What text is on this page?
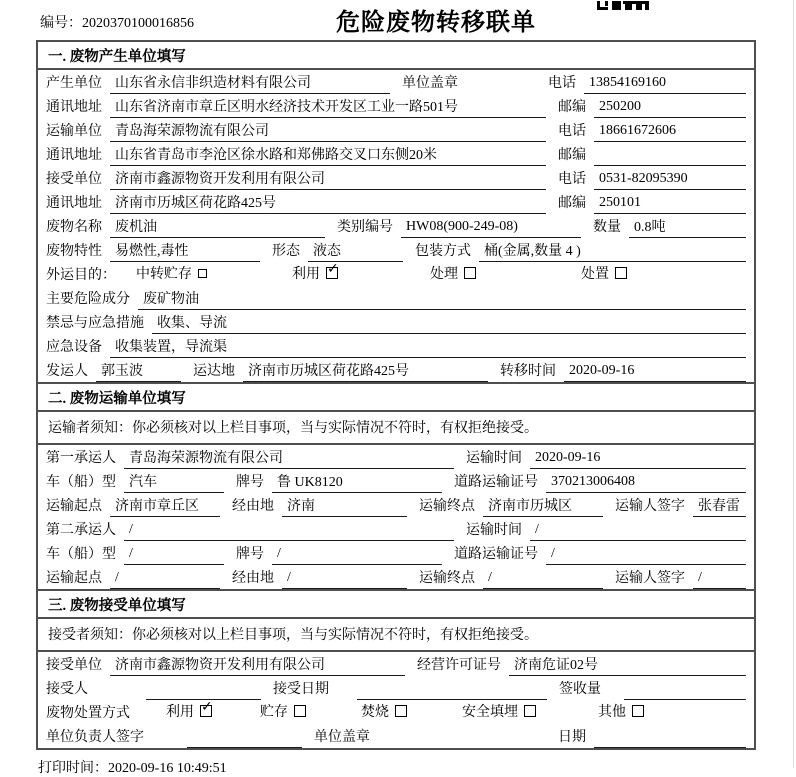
编号：2020370100016856	危险废物转移联单
一. 废物产生单位填写
产生单位 山东省永信非织造材料有限公司	单位盖章	电话 13854169160
通讯地址 山东省济南市章丘区明水经济技术开发区工业一路501号	邮编 250200
运输单位 青岛海荣源物流有限公司	电话 18661672606
通讯地址 山东省青岛市李沧区徐水路和郑佛路交叉口东侧20米	邮编
接受单位 济南市鑫源物资开发利用有限公司	电话 0531-82095390
通讯地址 济南市历城区荷花路425号	邮编 250101
废物名称 废机油	类别编号 HW08(900-249-08)	数量 0.8吨
废物特性 易燃性,毒性	形态 液态	包装方式 桶(金属,数量 4 )
外运目的： 中转贮存	利用 ✓	处理	处置
主要危险成分 废矿物油
禁忌与应急措施 收集、导流
应急设备 收集装置，导流渠
发运人 郭玉波	运达地 济南市历城区荷花路425号	转移时间 2020-09-16
二. 废物运输单位填写
运输者须知：你必须核对以上栏目事项，当与实际情况不符时，有权拒绝接受。
第一承运人 青岛海荣源物流有限公司	运输时间 2020-09-16
车（船）型 汽车	牌号 鲁 UK8120	道路运输证号 370213006408
运输起点 济南市章丘区	经由地 济南	运输终点 济南市历城区	运输人签字 张春雷
第二承运人 /	运输时间 /
车（船）型 /	牌号 /	道路运输证号 /
运输起点 /	经由地 /	运输终点 /	运输人签字 /
三. 废物接受单位填写
接受者须知：你必须核对以上栏目事项，当与实际情况不符时，有权拒绝接受。
接受单位 济南市鑫源物资开发利用有限公司	经营许可证号 济南危证02号
接受人	接受日期	签收量
废物处置方式	利用 ✓	贮存	焚烧	安全填埋	其他
单位负责人签字	单位盖章	日期
打印时间：2020-09-16 10:49:51
